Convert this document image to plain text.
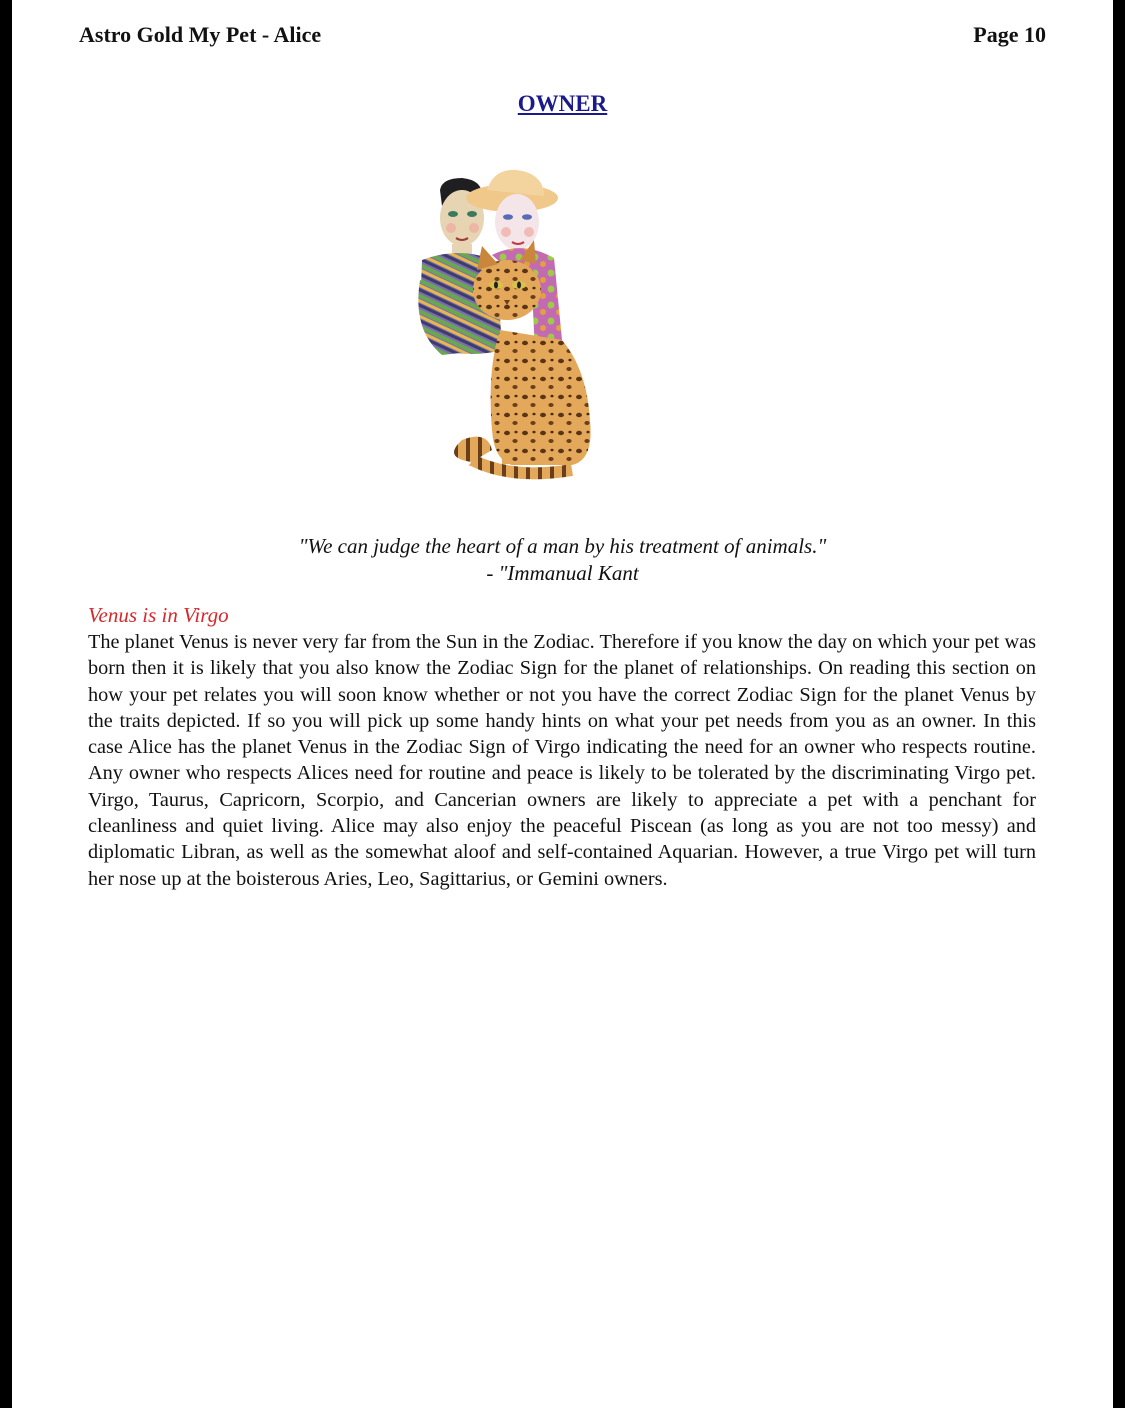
Astro Gold My Pet - Alice	Page 10
OWNER
"We can judge the heart of a man by his treatment of animals."
- "Immanual Kant
Venus is in Virgo

The planet Venus is never very far from the Sun in the Zodiac. Therefore if you know the day on which your pet was born then it is likely that you also know the Zodiac Sign for the planet of relationships. On reading this section on how your pet relates you will soon know whether or not you have the correct Zodiac Sign for the planet Venus by the traits depicted. If so you will pick up some handy hints on what your pet needs from you as an owner. In this case Alice has the planet Venus in the Zodiac Sign of Virgo indicating the need for an owner who respects routine. Any owner who respects Alices need for routine and peace is likely to be tolerated by the discriminating Virgo pet. Virgo, Taurus, Capricorn, Scorpio, and Cancerian owners are likely to appreciate a pet with a penchant for cleanliness and quiet living. Alice may also enjoy the peaceful Piscean (as long as you are not too messy) and diplomatic Libran, as well as the somewhat aloof and self-contained Aquarian. However, a true Virgo pet will turn her nose up at the boisterous Aries, Leo, Sagittarius, or Gemini owners.
